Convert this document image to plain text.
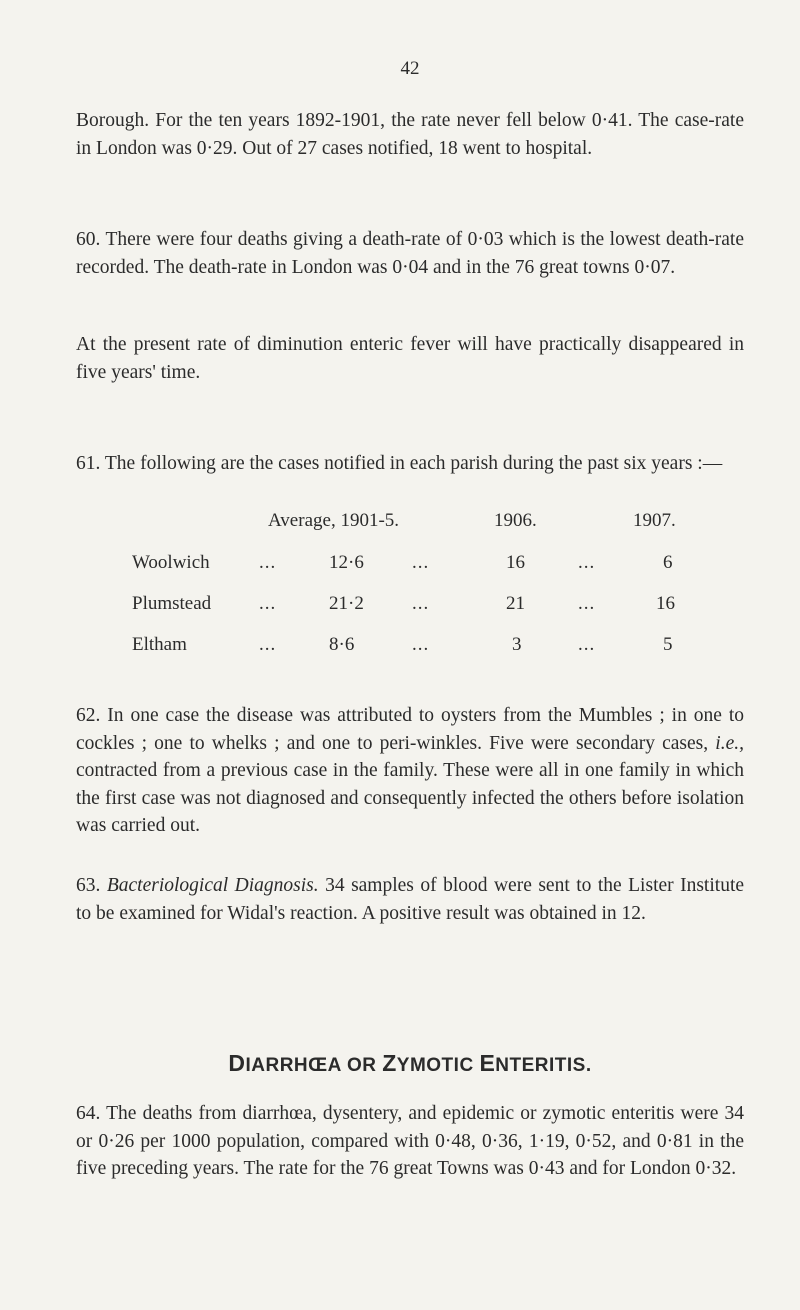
42

Borough. For the ten years 1892-1901, the rate never fell below 0·41. The case-rate in London was 0·29. Out of 27 cases notified, 18 went to hospital.

60. There were four deaths giving a death-rate of 0·03 which is the lowest death-rate recorded. The death-rate in London was 0·04 and in the 76 great towns 0·07.

At the present rate of diminution enteric fever will have practically disappeared in five years' time.

61. The following are the cases notified in each parish during the past six years :—

Average, 1901-5.	1906.	1907.
Woolwich	...	12·6	...	16	...	6
Plumstead	...	21·2	...	21	...	16
Eltham	...	8·6	...	3	...	5

62. In one case the disease was attributed to oysters from the Mumbles ; in one to cockles ; one to whelks ; and one to peri-winkles. Five were secondary cases, i.e., contracted from a previous case in the family. These were all in one family in which the first case was not diagnosed and consequently infected the others before isolation was carried out.

63. Bacteriological Diagnosis. 34 samples of blood were sent to the Lister Institute to be examined for Widal's reaction. A positive result was obtained in 12.

DIARRHŒA OR ZYMOTIC ENTERITIS.

64. The deaths from diarrhœa, dysentery, and epidemic or zymotic enteritis were 34 or 0·26 per 1000 population, compared with 0·48, 0·36, 1·19, 0·52, and 0·81 in the five preceding years. The rate for the 76 great Towns was 0·43 and for London 0·32.
